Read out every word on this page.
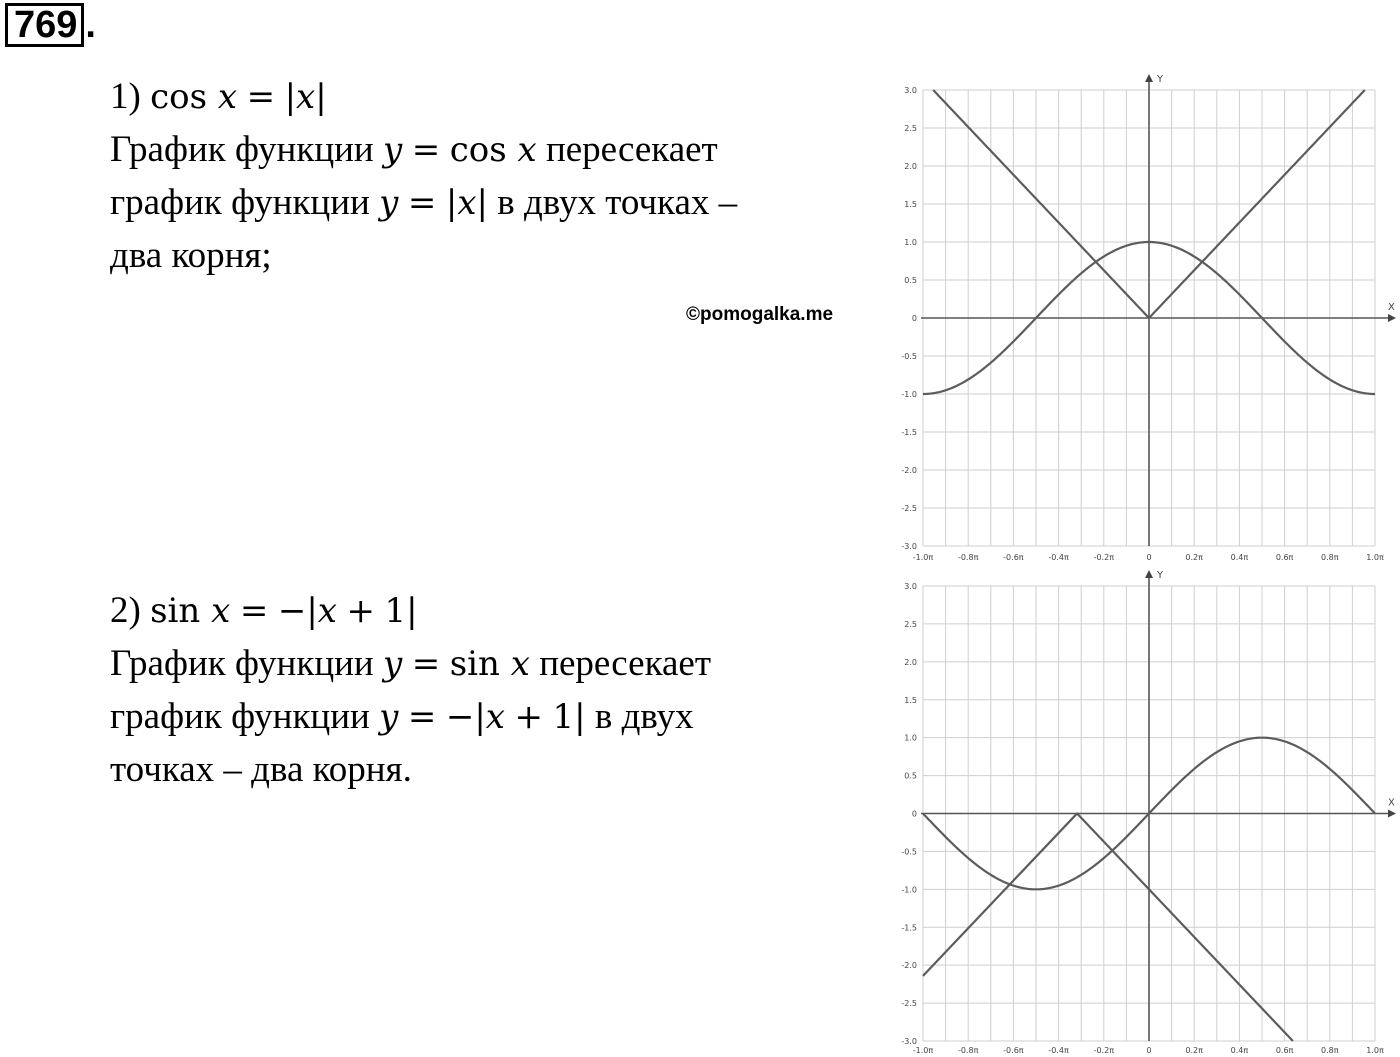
769 .
1) cos x = |x|
График функции y = cos x пересекает
график функции y = |x| в двух точках –
два корня;
©pomogalka.me
2) sin x = −|x + 1|
График функции y = sin x пересекает
график функции y = −|x + 1| в двух
точках – два корня.
X
Y
-1.0π	-0.8π	-0.6π	-0.4π	-0.2π	0	0.2π	0.4π	0.6π	0.8π	1.0π
3.0
2.5
2.0
1.5
1.0
0.5
0
-0.5
-1.0
-1.5
-2.0
-2.5
-3.0
X
Y
-1.0π	-0.8π	-0.6π	-0.4π	-0.2π	0	0.2π	0.4π	0.6π	0.8π	1.0π
3.0
2.5
2.0
1.5
1.0
0.5
0
-0.5
-1.0
-1.5
-2.0
-2.5
-3.0
